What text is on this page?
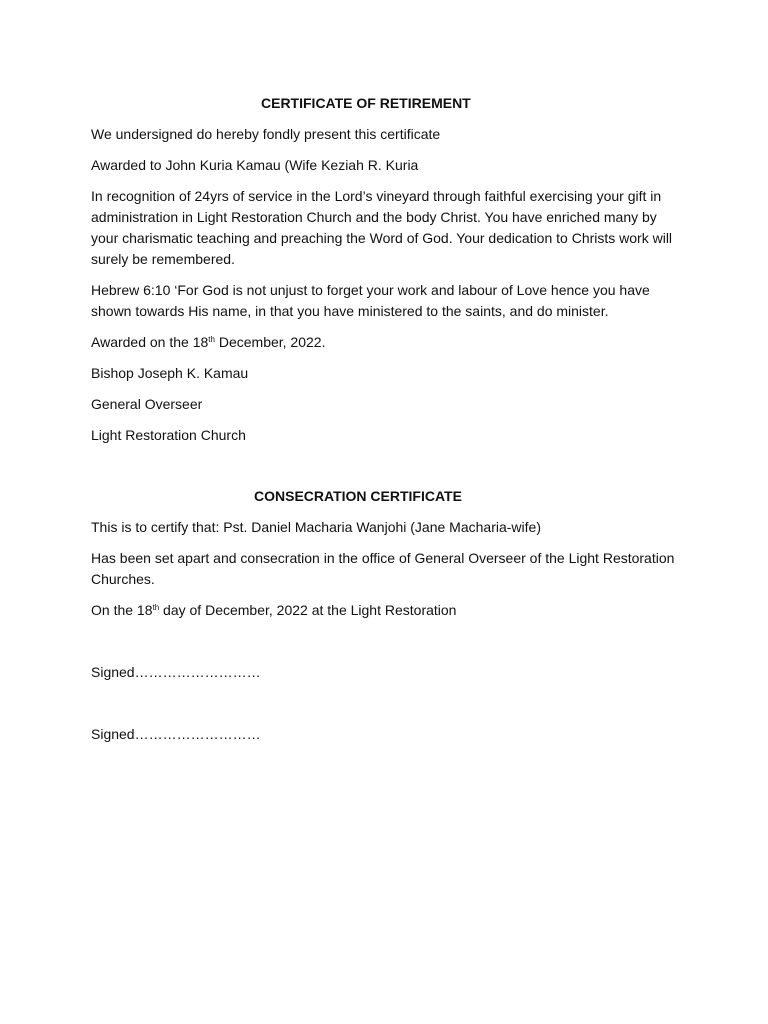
CERTIFICATE OF RETIREMENT

We undersigned do hereby fondly present this certificate

Awarded to John Kuria Kamau (Wife Keziah R. Kuria

In recognition of 24yrs of service in the Lord’s vineyard through faithful exercising your gift in administration in Light Restoration Church and the body Christ. You have enriched many by your charismatic teaching and preaching the Word of God. Your dedication to Christs work will surely be remembered.

Hebrew 6:10 ‘For God is not unjust to forget your work and labour of Love hence you have shown towards His name, in that you have ministered to the saints, and do minister.

Awarded on the 18th December, 2022.

Bishop Joseph K. Kamau

General Overseer

Light Restoration Church

CONSECRATION CERTIFICATE

This is to certify that: Pst. Daniel Macharia Wanjohi (Jane Macharia-wife)

Has been set apart and consecration in the office of General Overseer of the Light Restoration Churches.

On the 18th day of December, 2022 at the Light Restoration

Signed………………………

Signed………………………
